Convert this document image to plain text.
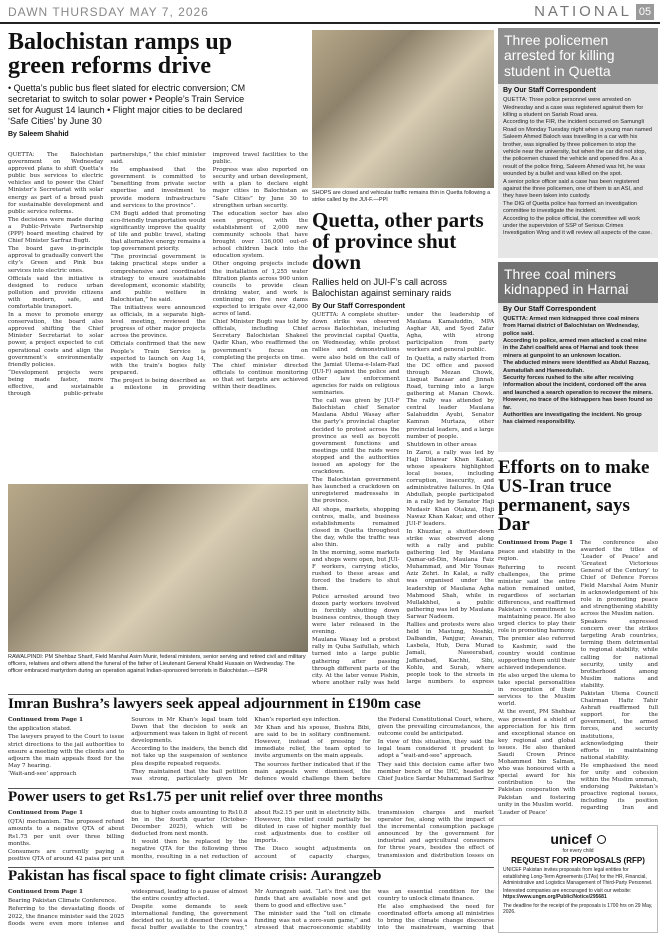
DAWN THURSDAY MAY 7, 2026	NATIONAL 05
Balochistan ramps up green reforms drive
• Quetta’s public bus fleet slated for electric conversion; CM secretariat to switch to solar power • People’s Train Service set for August 14 launch • Flight major cities to be declared ‘Safe Cities’ by June 30
By Saleem Shahid

QUETTA: The Balochistan government on Wednesday approved plans to shift Quetta’s public bus services to electric vehicles and to power the Chief Minister’s Secretariat with solar energy as part of a broad push for sustainable development and public service reforms.

The decisions were made during a Public-Private Partnership (PPP) board meeting chaired by Chief Minister Sarfraz Bugti.

The board gave in-principle approval to gradually convert the city’s Green and Pink bus services into electric ones.

Officials said the initiative is designed to reduce urban pollution and provide citizens with modern, safe, and comfortable transport.

In a move to promote energy conservation, the board also approved shifting the Chief Minister Secretariat to solar power, a project expected to cut operational costs and align the government’s environmentally friendly policies.

“Development projects were being made faster, more effective, and sustainable through public-private partnerships,” the chief minister said.

He emphasised that the government is committed to “benefiting from private sector expertise and investment to provide modern infrastructure and services to the province”.

CM Bugti added that promoting eco-friendly transportation would significantly improve the quality of life and public travel, stating that alternative energy remains a top government priority.

“The provincial government is taking practical steps under a comprehensive and coordinated strategy to ensure sustainable development, economic stability, and public welfare in Balochistan,” he said.

The initiatives were announced as officials, in a separate high-level meeting, reviewed the progress of other major projects across the province.

Officials confirmed that the new People’s Train Service is expected to launch on Aug 14, with the train’s bogies fully prepared.

The project is being described as a milestone in providing improved travel facilities to the public.

Progress was also reported on security and urban development, with a plan to declare eight major cities in Balochistan as “Safe Cities” by June 30 to strengthen urban security.

The education sector has also seen progress, with the establishment of 2,000 new community schools that have brought over 136,000 out-of-school children back into the education system.

Other ongoing projects include the installation of 1,255 water filtration plants across 900 union councils to provide clean drinking water, and work is continuing on five new dams expected to irrigate over 42,000 acres of land.

Chief Minister Bugti was told by officials, including Chief Secretary Balochistan Shakeel Qadir Khan, who reaffirmed the government’s focus on completing the projects on time.

The chief minister directed officials to continue monitoring so that set targets are achieved within their deadlines.

RAWALPINDI: PM Shehbaz Sharif, Field Marshal Asim Munir, federal ministers, senior serving and retired civil and military officers, relatives and others attend the funeral of the father of Lieutenant General Khalid Hussain on Wednesday. The officer embraced martyrdom during an operation against Indian-sponsored terrorists in Balochistan.—ISPR
SHOPS are closed and vehicular traffic remains thin in Quetta following a strike called by the JUI-F.—PPI
Quetta, other parts of province shut down
Rallies held on JUI-F’s call across Balochistan against seminary raids
By Our Staff Correspondent

QUETTA: A complete shutter-down strike was observed across Balochistan, including the provincial capital Quetta, on Wednesday, while protest rallies and demonstrations were also held on the call of the Jamiat Ulema-e-Islam-Fazl (JUI-F) against the police and other law enforcement agencies for raids on religious seminaries.

The call was given by JUI-F Balochistan chief Senator Maulana Abdul Wasay after the party’s provincial chapter decided to protest across the province as well as boycott government functions and meetings until the raids were stopped and the authorities issued an apology for the crackdown.

The Balochistan government has launched a crackdown on unregistered madressahs in the province.

All shops, markets, shopping centres, malls, and business establishments remained closed in Quetta throughout the day, while the traffic was also thin.

In the morning, some markets and shops were open, but JUI-F workers, carrying sticks, rushed to these areas and forced the traders to shut them.

Police arrested around two dozen party workers involved in forcibly shutting down business centres, though they were later released in the evening.

Maulana Wasay led a protest rally in Quba Saifullah, which turned into a large public gathering after passing through different parts of the city. At the later venue Pishin, where another rally was held under the leadership of Maulana Kamaluddin, MPA Asghar Ali, and Syed Zafar Agha, with strong participation from party workers and general public.

In Quetta, a rally started from the DC office and passed through Mezan Chowk, Liaquat Bazaar and Jinnah Road, turning into a large gathering at Manan Chowk. The rally was attended by central leader Maulana Salahuddin Ayubi, Senator Kamran Murtaza, other provincial leaders, and a large number of people.

Shutdown in other areas

In Zaroi, a rally was led by Haji Dilawar Khan Kakar, whose speakers highlighted local issues, including corruption, insecurity, and administrative failures. In Qila Abdullah, people participated in a rally led by Senator Haji Mudasir Khan Otakzai, Haji Nawaz Khan Kakar, and other JUI-F leaders.

In Khuzdar, a shutter-down strike was observed along with a rally and public gathering led by Maulana Qamar-ud-Din, Maulana Faiz Muhammad, and Mir Younas Aziz Zehri. In Kalat, a rally was organised under the leadership of Maulana Agha Mahmood Shah, while in Mullakhhel, a public gathering was led by Maulana Sarwar Nadeem.

Rallies and protests were also held in Mastung, Noshki, Dalbandin, Panjgur, Awaran, Lasbela, Hub, Dera Murad Jamali, Naseerabad, Jaffarabad, Kachhi, Sibi, Kohlu, and Surab, where people took to the streets in large numbers to express

Three policemen arrested for killing student in Quetta
By Our Staff Correspondent

QUETTA: Three police personnel were arrested on Wednesday and a case was registered against them for killing a student on Sariab Road area.

According to the FIR, the incident occurred on Samungli Road on Monday Tuesday night when a young man named Saleem Ahmed Baloch was travelling in a car with his brother, was signalled by three policemen to stop the vehicle near the university, but when the car did not stop, the policemen chased the vehicle and opened fire. As a result of the police firing, Saleem Ahmed was hit, he was wounded by a bullet and was killed on the spot.

A senior police officer said a case has been registered against the three policemen, one of them is an ASI, and they have been taken into custody.

The DIG of Quetta police has formed an investigation committee to investigate the incident.

According to the police official, the committee will work under the supervision of SSP of Serious Crimes Investigation Wing and it will review all aspects of the case.

Three coal miners kidnapped in Harnai
By Our Staff Correspondent

QUETTA: Armed men kidnapped three coal miners from Harnai district of Balochistan on Wednesday, police said.

According to police, armed men attacked a coal mine in the Zahri coalfield area of Harnai and took three miners at gunpoint to an unknown location.

The abducted miners were identified as Abdul Razzaq, Asmatullah and Hameedullah.

Security forces rushed to the site after receiving information about the incident, cordoned off the area and launched a search operation to recover the miners.

However, no trace of the kidnappers has been found so far.

Authorities are investigating the incident. No group has claimed responsibility.

Efforts on to make US-Iran truce permanent, says Dar
Imran Bushra’s lawyers seek appeal adjournment in £190m case
Continued from Page 1

the application stated.

The lawyers prayed to the Court to issue strict directions to the jail authorities to ensure a meeting with the clients and to adjourn the main appeals fixed for the May 7 hearing.

‘Wait-and-see’ approach

Sources in Mr Khan’s legal team told Dawn that the decision to seek an adjournment was taken in light of recent developments.

According to the insiders, the bench did not take up the suspension of sentence plea despite repeated requests.

They maintained that the bail petition was strong, particularly given Mr Khan’s reported eye infection.

Mr Khan and his spouse, Bushra Bibi, are said to be in solitary confinement. However, instead of pressing for immediate relief, the team opted to invite arguments on the main appeals.

The sources further indicated that if the main appeals were dismissed, the defence would challenge them before the Federal Constitutional Court, where, given the prevailing circumstances, the outcome could be anticipated.

In view of this situation, they said the legal team considered it prudent to adopt a “wait-and-see” approach.

They said this decision came after two member bench of the IHC, headed by Chief Justice Sardar Muhammad Sarfraz

Power users to get Rs1.75 per unit relief over three months
Continued from Page 1

(QTA) mechanism. The proposed refund amounts to a negative QTA of about Rs1.75 per unit over three billing months.

Consumers are currently paying a positive QTA of around 42 paisa per unit due to higher costs amounting to Rs10.8 bn in the fourth quarter (October-December 2025), which will be deducted from next month.

It would then be replaced by the negative QTA for the following three months, resulting in a net reduction of about Rs2.15 per unit in electricity bills. However, this relief could partially be diluted in case of higher monthly fuel cost adjustments due to costlier oil imports.

The Disco sought adjustments on account of capacity charges, transmission charges and market operator fee, along with the impact of the incremental consumption package announced by the government for industrial and agricultural consumers for three years, besides the effect of transmission and distribution losses on

Pakistan has fiscal space to fight climate crisis: Aurangzeb
Continued from Page 1

Bearing Pakistan Climate Conference.

Referring to the devastating floods of 2022, the finance minister said the 2025 floods were even more intense and widespread, leading to a pause of almost the entire country affected.

Despite some demands to seek international funding, the government decided not to, as it deemed there was a fiscal buffer available to the country,” Mr Aurangzeb said. “Let’s first use the funds that are available now and get them to good and effective use.”

The minister said the “toll on climate funding was not a zero-sum game,” and stressed that macroeconomic stability was an essential condition for the country to unlock climate finance.

He also emphasised the need for coordinated efforts among all ministries to bring the climate change discourse into the mainstream, warning that

Continued from Page 1

peace and stability in the region.

Referring to recent challenges, the prime minister said the entire nation remained united, regardless of sectarian differences, and reaffirmed Pakistan’s commitment to maintaining peace. He also urged clerics to play their role in promoting harmony.

The premier also referred to Kashmir, said the country would continue supporting them until their achieved independence.

He also urged the ulema to take special personalities in recognition of their services to the Muslim world.

At the event, PM Shehbaz was presented a shield of appreciation for his firm and exceptional stance on key regional and global issues. He also thanked Saudi Crown Prince Mohammed bin Salman, who was honoured with a special award for his contribution to the Pakistan cooperation with Pakistan and fostering unity in the Muslim world.

‘Leader of Peace’

The conference also awarded the titles of ‘Leader of Peace’ and ‘Greatest Victorious General of the Century’ to Chief of Defence Forces Field Marshal Asim Munir in acknowledgement of his role in promoting peace and strengthening stability across the Muslim nation.

Speakers expressed concern over the strikes targeting Arab countries, terming them detrimental to regional stability, while calling for national security, unity and brotherhood among Muslim nations and stability.

Pakistan Ulema Council Chairman Hafiz Tahir Ashrafi reaffirmed full support for the government, the armed forces, and security institutions, acknowledging their efforts in maintaining national stability.

He emphasised the need for unity and cohesion within the Muslim ummah, endorsing Pakistan’s proactive regional issues, including its position regarding Iran and

unicef
for every child
REQUEST FOR PROPOSALS (RFP)
UNICEF Pakistan invites proposals from legal entities for establishing Long-Term Agreements (LTAs) for the HR, Financial, Administrative and Logistics Management of Third-Party Personnel.
Interested companies are encouraged to visit our website:
https://www.ungm.org/Public/Notice/295681
The deadline for the receipt of the proposals is 1700 hrs on 29 May, 2026.
